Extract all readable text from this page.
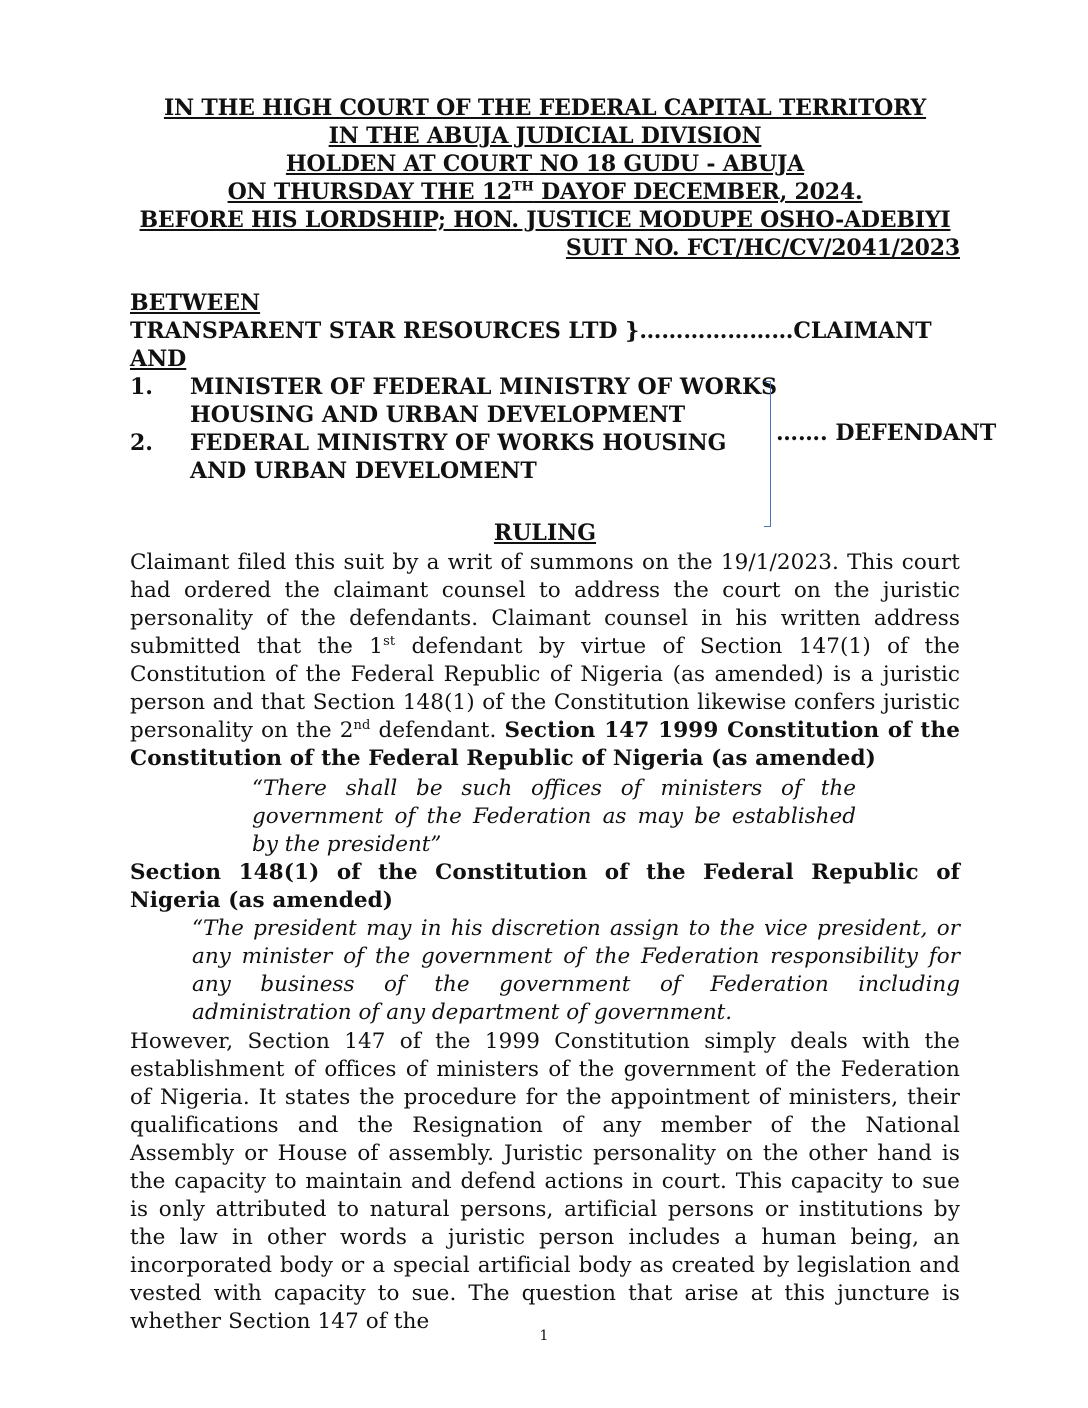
IN THE HIGH COURT OF THE FEDERAL CAPITAL TERRITORY
IN THE ABUJA JUDICIAL DIVISION
HOLDEN AT COURT NO 18 GUDU - ABUJA
ON THURSDAY THE 12TH DAYOF DECEMBER, 2024.
BEFORE HIS LORDSHIP; HON. JUSTICE MODUPE OSHO-ADEBIYI
SUIT NO. FCT/HC/CV/2041/2023
BETWEEN
TRANSPARENT STAR RESOURCES LTD }…………………CLAIMANT
AND
1. MINISTER OF FEDERAL MINISTRY OF WORKS
HOUSING AND URBAN DEVELOPMENT
2. FEDERAL MINISTRY OF WORKS HOUSING
AND URBAN DEVELOMENT
……. DEFENDANT
RULING
Claimant filed this suit by a writ of summons on the 19/1/2023. This court had ordered the claimant counsel to address the court on the juristic personality of the defendants. Claimant counsel in his written address submitted that the 1st defendant by virtue of Section 147(1) of the Constitution of the Federal Republic of Nigeria (as amended) is a juristic person and that Section 148(1) of the Constitution likewise confers juristic personality on the 2nd defendant. Section 147 1999 Constitution of the Constitution of the Federal Republic of Nigeria (as amended)
“There shall be such offices of ministers of the government of the Federation as may be established by the president”
Section 148(1) of the Constitution of the Federal Republic of Nigeria (as amended)
“The president may in his discretion assign to the vice president, or any minister of the government of the Federation responsibility for any business of the government of Federation including administration of any department of government.
However, Section 147 of the 1999 Constitution simply deals with the establishment of offices of ministers of the government of the Federation of Nigeria. It states the procedure for the appointment of ministers, their qualifications and the Resignation of any member of the National Assembly or House of assembly. Juristic personality on the other hand is the capacity to maintain and defend actions in court. This capacity to sue is only attributed to natural persons, artificial persons or institutions by the law in other words a juristic person includes a human being, an incorporated body or a special artificial body as created by legislation and vested with capacity to sue. The question that arise at this juncture is whether Section 147 of the
1
